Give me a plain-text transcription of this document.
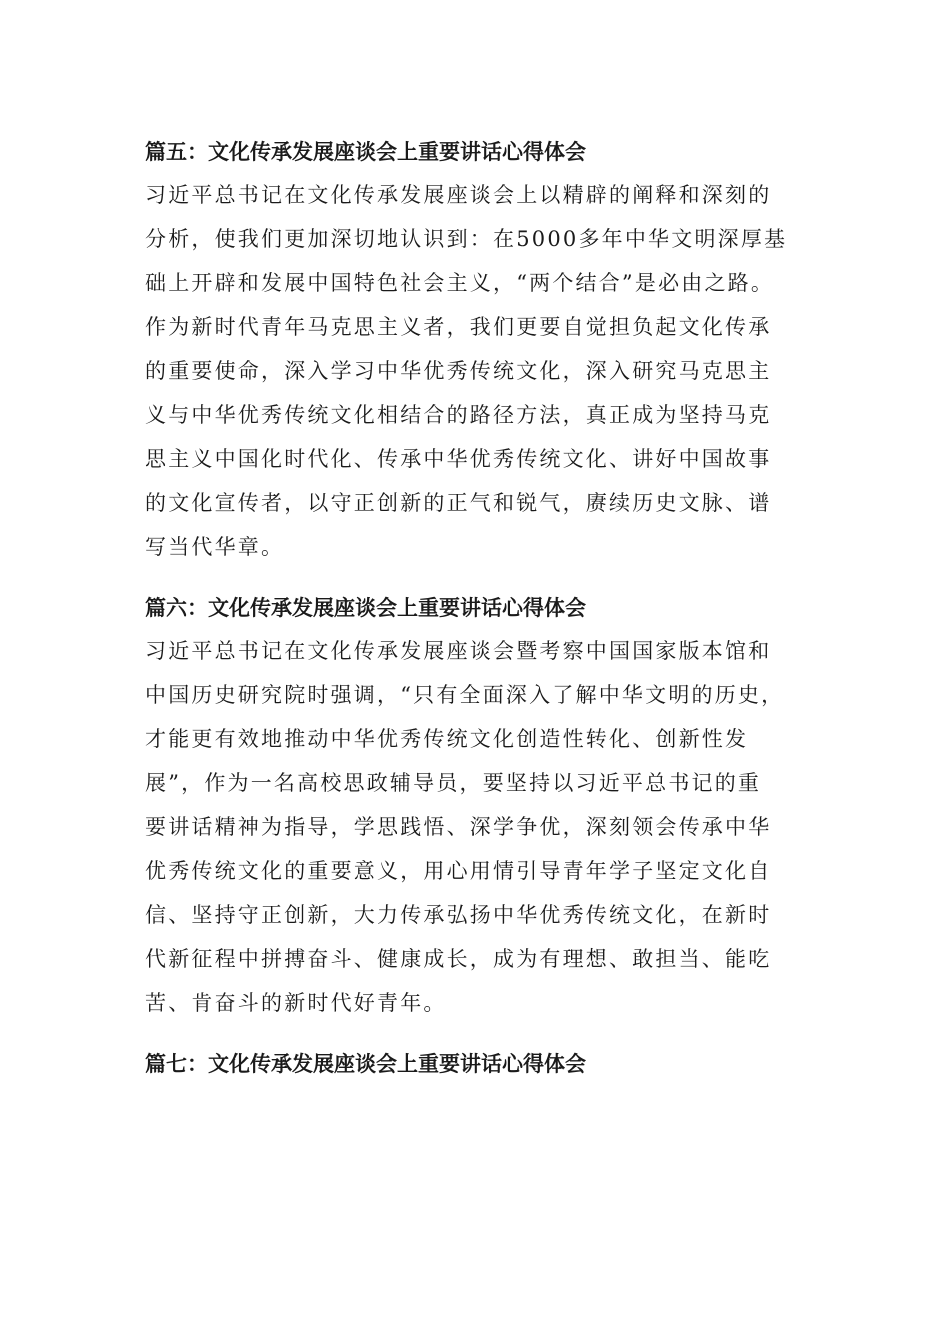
篇五：文化传承发展座谈会上重要讲话心得体会
习近平总书记在文化传承发展座谈会上以精辟的阐释和深刻的
分析，使我们更加深切地认识到：在5000多年中华文明深厚基
础上开辟和发展中国特色社会主义，“两个结合”是必由之路。
作为新时代青年马克思主义者，我们更要自觉担负起文化传承
的重要使命，深入学习中华优秀传统文化，深入研究马克思主
义与中华优秀传统文化相结合的路径方法，真正成为坚持马克
思主义中国化时代化、传承中华优秀传统文化、讲好中国故事
的文化宣传者，以守正创新的正气和锐气，赓续历史文脉、谱
写当代华章。
篇六：文化传承发展座谈会上重要讲话心得体会
习近平总书记在文化传承发展座谈会暨考察中国国家版本馆和
中国历史研究院时强调，“只有全面深入了解中华文明的历史，
才能更有效地推动中华优秀传统文化创造性转化、创新性发
展”，作为一名高校思政辅导员，要坚持以习近平总书记的重
要讲话精神为指导，学思践悟、深学争优，深刻领会传承中华
优秀传统文化的重要意义，用心用情引导青年学子坚定文化自
信、坚持守正创新，大力传承弘扬中华优秀传统文化，在新时
代新征程中拼搏奋斗、健康成长，成为有理想、敢担当、能吃
苦、肯奋斗的新时代好青年。
篇七：文化传承发展座谈会上重要讲话心得体会
